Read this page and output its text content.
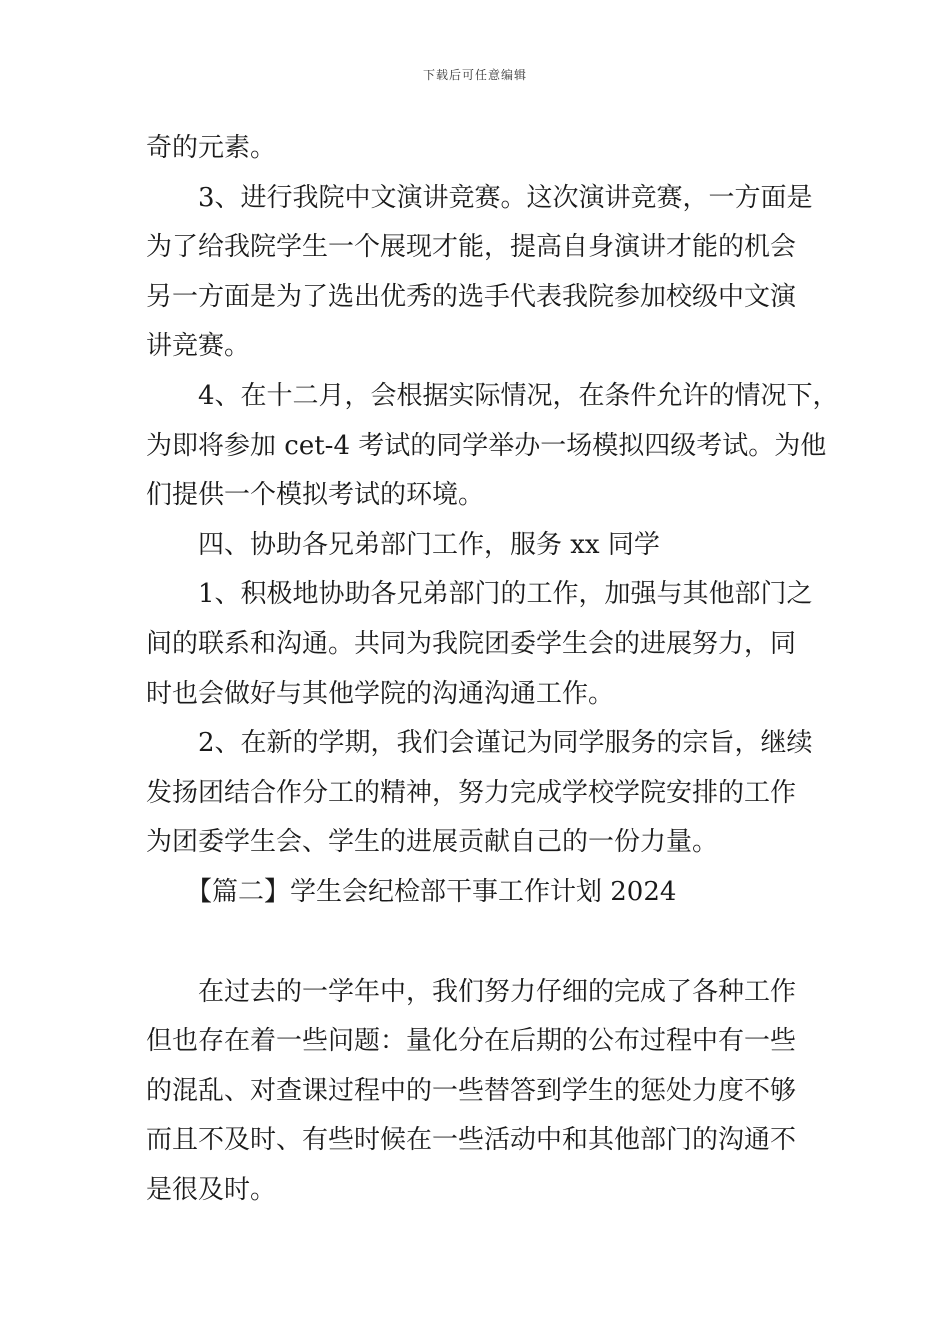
下载后可任意编辑
奇的元素。
3、进行我院中文演讲竞赛。这次演讲竞赛，一方面是
为了给我院学生一个展现才能，提高自身演讲才能的机会
另一方面是为了选出优秀的选手代表我院参加校级中文演
讲竞赛。
4、在十二月，会根据实际情况，在条件允许的情况下，
为即将参加 cet-4 考试的同学举办一场模拟四级考试。为他
们提供一个模拟考试的环境。
四、协助各兄弟部门工作，服务 xx 同学
1、积极地协助各兄弟部门的工作，加强与其他部门之
间的联系和沟通。共同为我院团委学生会的进展努力，同
时也会做好与其他学院的沟通沟通工作。
2、在新的学期，我们会谨记为同学服务的宗旨，继续
发扬团结合作分工的精神，努力完成学校学院安排的工作
为团委学生会、学生的进展贡献自己的一份力量。
【篇二】学生会纪检部干事工作计划 2024
在过去的一学年中，我们努力仔细的完成了各种工作
但也存在着一些问题：量化分在后期的公布过程中有一些
的混乱、对查课过程中的一些替答到学生的惩处力度不够
而且不及时、有些时候在一些活动中和其他部门的沟通不
是很及时。
